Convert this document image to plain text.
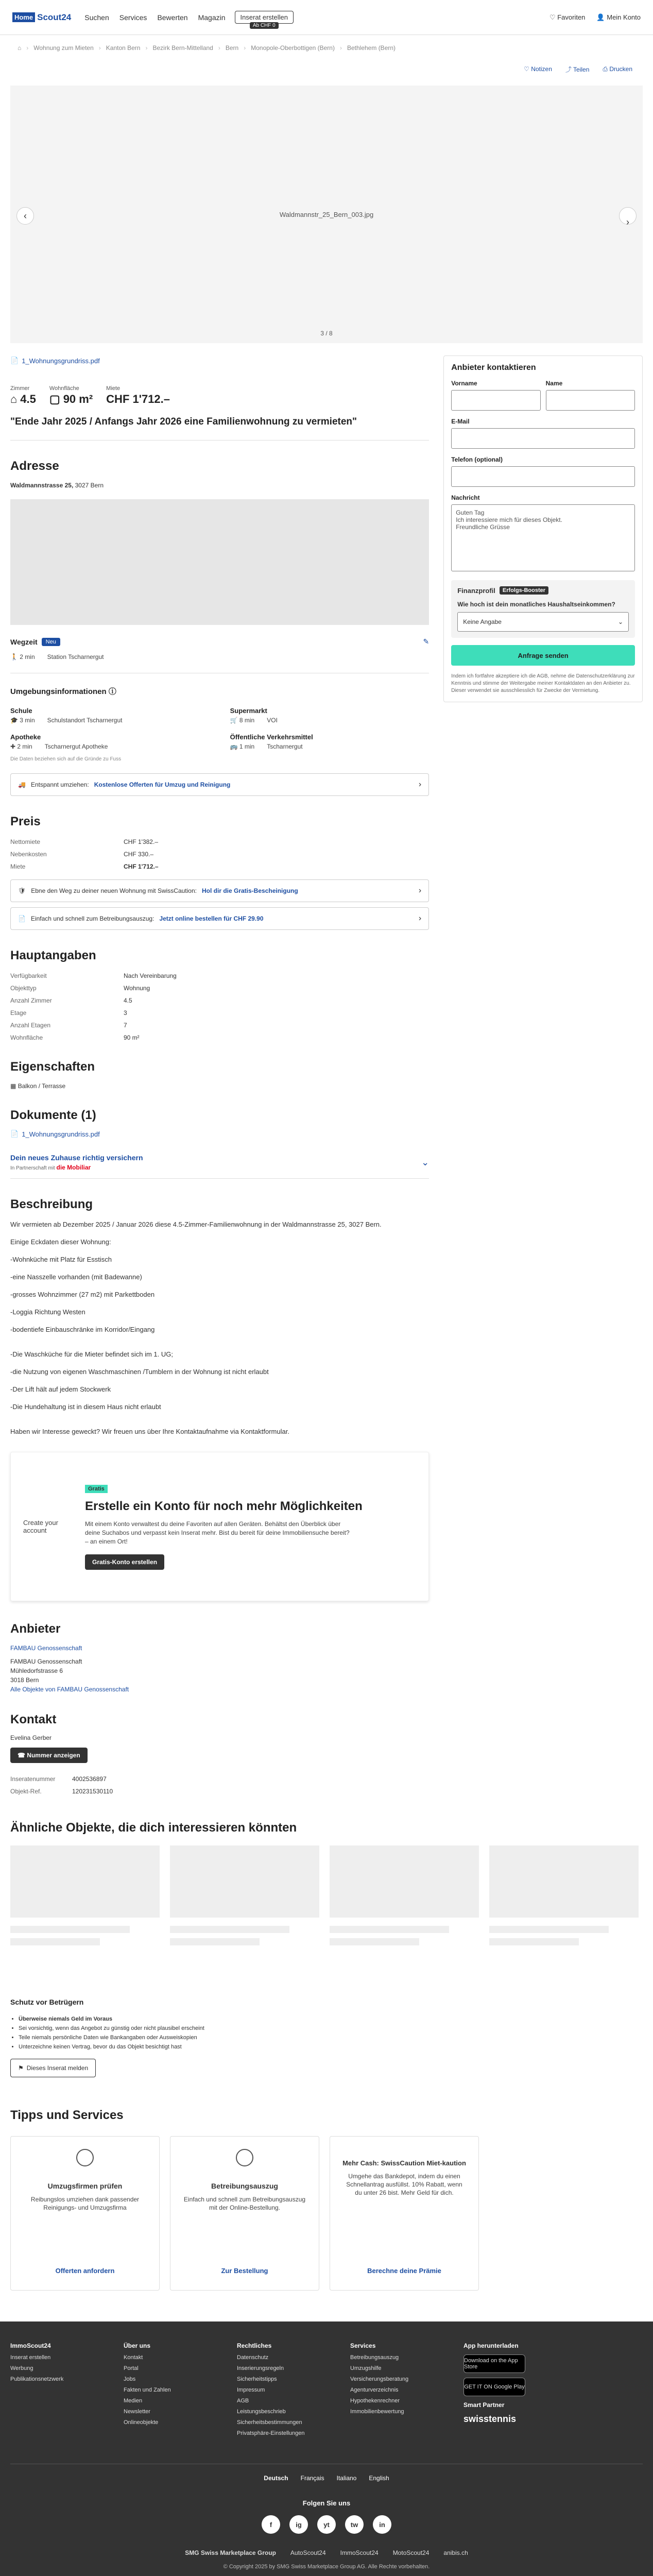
Home Scout24 Suchen Services Bewerten Magazin	Inserat erstellen
Ab CHF 0
♡ Favoriten 👤 Mein Konto
⌂ › Wohnung zum Mieten › Kanton Bern › Bezirk Bern-Mittelland › Bern › Monopole-Oberbottigen (Bern) › Bethlehem (Bern)
♡ Notizen ⤴ Teilen ⎙ Drucken
Waldmannstr_25_Bern_003.jpg
‹
›
3 / 8
📄 1_Wohnungsgrundriss.pdf
Zimmer
⌂ 4.5
Wohnfläche
▢ 90 m²
Miete
CHF 1'712.–
"Ende Jahr 2025 / Anfangs Jahr 2026 eine Familienwohnung zu vermieten"
Adresse
Waldmannstrasse 25, 3027 Bern
Wegzeit	Neu	✎
🚶 2 min Station Tscharnergut
Umgebungsinformationen ⓘ
Schule
🎓 3 min Schulstandort Tscharnergut
Supermarkt
🛒 8 min VOI
Apotheke
✚ 2 min Tscharnergut Apotheke
Öffentliche Verkehrsmittel
🚌 1 min Tscharnergut
Die Daten beziehen sich auf die Gründe zu Fuss
🚚 Entspannt umziehen: Kostenlose Offerten für Umzug und Reinigung	›
Preis
Nettomiete	CHF 1'382.–
Nebenkosten	CHF 330.–
Miete	CHF 1'712.–
🛡 Ebne den Weg zu deiner neuen Wohnung mit SwissCaution: Hol dir die Gratis-Bescheinigung	›
📄 Einfach und schnell zum Betreibungsauszug: Jetzt online bestellen für CHF 29.90	›
Hauptangaben
Verfügbarkeit	Nach Vereinbarung
Objekttyp	Wohnung
Anzahl Zimmer	4.5
Etage	3
Anzahl Etagen	7
Wohnfläche	90 m²
Eigenschaften
▦ Balkon / Terrasse
Dokumente (1)
📄 1_Wohnungsgrundriss.pdf
Dein neues Zuhause richtig versichern
In Partnerschaft mit die Mobiliar
⌄
Beschreibung

Wir vermieten ab Dezember 2025 / Januar 2026 diese 4.5-Zimmer-Familienwohnung in der Waldmannstrasse 25, 3027 Bern.

Einige Eckdaten dieser Wohnung:

-Wohnküche mit Platz für Esstisch

-eine Nasszelle vorhanden (mit Badewanne)

-grosses Wohnzimmer (27 m2) mit Parkettboden

-Loggia Richtung Westen

-bodentiefe Einbauschränke im Korridor/Eingang

-Die Waschküche für die Mieter befindet sich im 1. UG;

-die Nutzung von eigenen Waschmaschinen /Tumblern in der Wohnung ist nicht erlaubt

-Der Lift hält auf jedem Stockwerk

-Die Hundehaltung ist in diesem Haus nicht erlaubt

Haben wir Interesse geweckt? Wir freuen uns über Ihre Kontaktaufnahme via Kontaktformular.

Create your account
Gratis
Erstelle ein Konto für noch mehr Möglichkeiten
Mit einem Konto verwaltest du deine Favoriten auf allen Geräten. Behältst den Überblick über deine Suchabos und verpasst kein Inserat mehr. Bist du bereit für deine Immobiliensuche bereit? – an einem Ort!
Gratis-Konto erstellen
Anbieter
FAMBAU Genossenschaft
FAMBAU Genossenschaft
Mühledorfstrasse 6
3018 Bern
Alle Objekte von FAMBAU Genossenschaft
Kontakt
Evelina Gerber
☎ Nummer anzeigen
Inseratenummer	4002536897
Objekt-Ref.	120231530110
Anbieter kontaktieren
Vorname	Name
E-Mail
Telefon (optional)
Nachricht
Guten Tag Ich interessiere mich für dieses Objekt. Freundliche Grüsse
Finanzprofil	Erfolgs-Booster
Wie hoch ist dein monatliches Haushaltseinkommen?
Keine Angabe	⌄
Anfrage senden
Indem ich fortfahre akzeptiere ich die AGB, nehme die Datenschutzerklärung zur Kenntnis und stimme der Weitergabe meiner Kontaktdaten an den Anbieter zu. Dieser verwendet sie ausschliesslich für Zwecke der Vermietung.
Ähnliche Objekte, die dich interessieren könnten
Schutz vor Betrügern
• Überweise niemals Geld im Voraus
• Sei vorsichtig, wenn das Angebot zu günstig oder nicht plausibel erscheint
• Teile niemals persönliche Daten wie Bankangaben oder Ausweiskopien
• Unterzeichne keinen Vertrag, bevor du das Objekt besichtigt hast
⚑ Dieses Inserat melden
Tipps und Services
Umzugsfirmen prüfen
Reibungslos umziehen dank passender Reinigungs- und Umzugsfirma
Offerten anfordern
Betreibungsauszug
Einfach und schnell zum Betreibungsauszug mit der Online-Bestellung.
Zur Bestellung
Mehr Cash: SwissCaution Miet-kaution
Umgehe das Bankdepot, indem du einen Schnellantrag ausfüllst. 10% Rabatt, wenn du unter 26 bist. Mehr Geld für dich.
Berechne deine Prämie
ImmoScout24
Inserat erstellen
Werbung
Publikationsnetzwerk
Über uns
Kontakt
Portal
Jobs
Fakten und Zahlen
Medien
Newsletter
Onlineobjekte
Rechtliches
Datenschutz
Inserierungsregeln
Sicherheitstipps
Impressum
AGB
Leistungsbeschrieb
Sicherheitsbestimmungen
Privatsphäre-Einstellungen
Services
Betreibungsauszug
Umzugshilfe
Versicherungsberatung
Agenturverzeichnis
Hypothekenrechner
Immobilienbewertung
App herunterladen
Download on the App Store
GET IT ON Google Play
Smart Partner
swisstennis
Deutsch Français Italiano English
Folgen Sie uns
f	ig	yt	tw	in
SMG Swiss Marketplace Group AutoScout24 ImmoScout24 MotoScout24 anibis.ch
© Copyright 2025 by SMG Swiss Marketplace Group AG. Alle Rechte vorbehalten.
